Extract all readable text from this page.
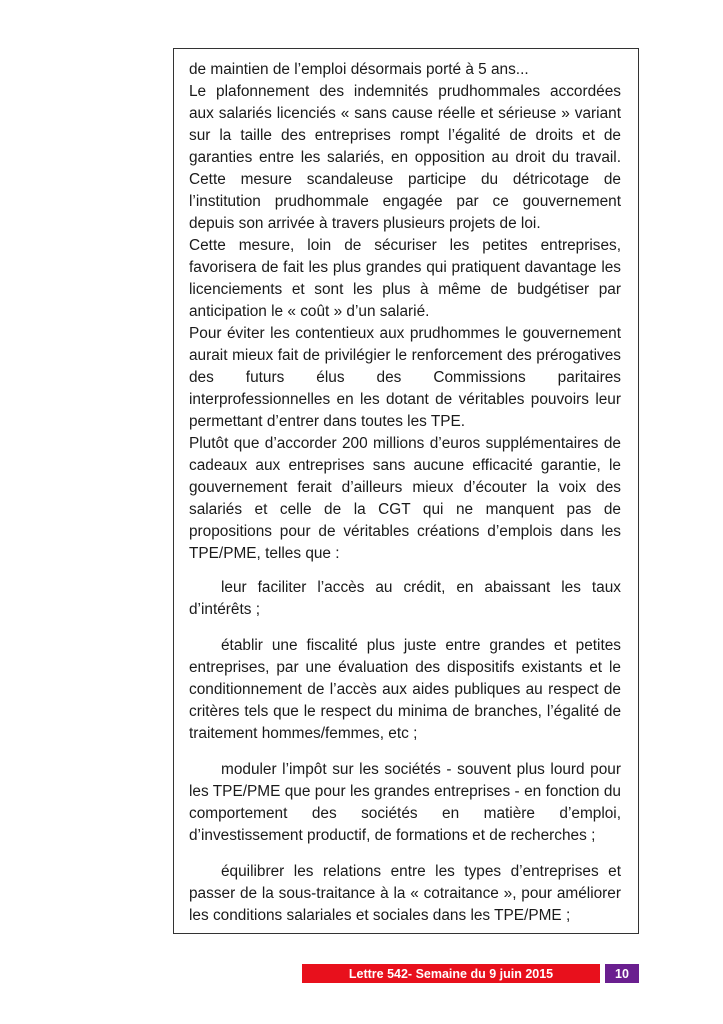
de maintien de l’emploi désormais porté à 5 ans...

Le plafonnement des indemnités prudhommales accordées aux salariés licenciés « sans cause réelle et sérieuse » variant sur la taille des entreprises rompt l’égalité de droits et de garanties entre les salariés, en opposition au droit du travail. Cette mesure scandaleuse participe du détricotage de l’institution prudhommale engagée par ce gouvernement depuis son arrivée à travers plusieurs projets de loi.

Cette mesure, loin de sécuriser les petites entreprises, favorisera de fait les plus grandes qui pratiquent davantage les licenciements et sont les plus à même de budgétiser par anticipation le « coût » d’un salarié.

Pour éviter les contentieux aux prudhommes le gouvernement aurait mieux fait de privilégier le renforcement des prérogatives des futurs élus des Commissions paritaires interprofessionnelles en les dotant de véritables pouvoirs leur permettant d’entrer dans toutes les TPE.

Plutôt que d’accorder 200 millions d’euros supplémentaires de cadeaux aux entreprises sans aucune efficacité garantie, le gouvernement ferait d’ailleurs mieux d’écouter la voix des salariés et celle de la CGT qui ne manquent pas de propositions pour de véritables créations d’emplois dans les TPE/PME, telles que :

leur faciliter l’accès au crédit, en abaissant les taux d’intérêts ;

établir une fiscalité plus juste entre grandes et petites entreprises, par une évaluation des dispositifs existants et le conditionnement de l’accès aux aides publiques au respect de critères tels que le respect du minima de branches, l’égalité de traitement hommes/femmes, etc ;

moduler l’impôt sur les sociétés - souvent plus lourd pour les TPE/PME que pour les grandes entreprises - en fonction du comportement des sociétés en matière d’emploi, d’investissement productif, de formations et de recherches ;

équilibrer les relations entre les types d’entreprises et passer de la sous-traitance à la « cotraitance », pour améliorer les conditions salariales et sociales dans les TPE/PME ;

Lettre 542- Semaine du 9 juin 2015	10
